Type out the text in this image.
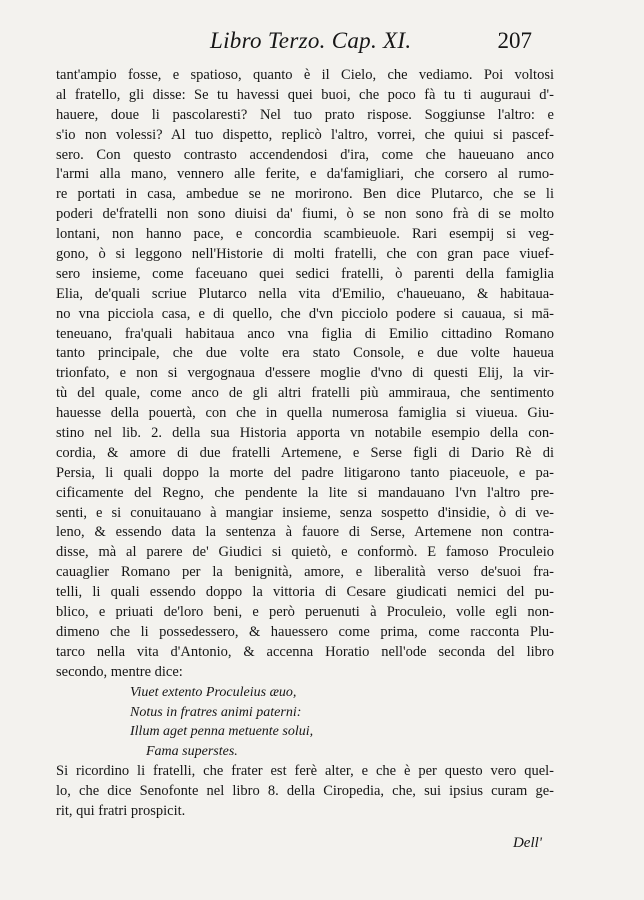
Libro Terzo. Cap. XI.	207
tant'ampio fosse, e spatioso, quanto è il Cielo, che vediamo. Poi voltosi
al fratello, gli disse: Se tu havessi quei buoi, che poco fà tu ti auguraui d'-
hauere, doue li pascolaresti? Nel tuo prato rispose. Soggiunse l'altro: e
s'io non volessi? Al tuo dispetto, replicò l'altro, vorrei, che quiui si pascef-
sero. Con questo contrasto accendendosi d'ira, come che haueuano anco
l'armi alla mano, vennero alle ferite, e da'famigliari, che corsero al rumo-
re portati in casa, ambedue se ne morirono. Ben dice Plutarco, che se li
poderi de'fratelli non sono diuisi da' fiumi, ò se non sono frà di se molto
lontani, non hanno pace, e concordia scambieuole. Rari esempij si veg-
gono, ò si leggono nell'Historie di molti fratelli, che con gran pace viuef-
sero insieme, come faceuano quei sedici fratelli, ò parenti della famiglia
Elia, de'quali scriue Plutarco nella vita d'Emilio, c'haueuano, & habitaua-
no vna picciola casa, e di quello, che d'vn picciolo podere si cauaua, si mā-
teneuano, fra'quali habitaua anco vna figlia di Emilio cittadino Romano
tanto principale, che due volte era stato Console, e due volte haueua
trionfato, e non si vergognaua d'essere moglie d'vno di questi Elij, la vir-
tù del quale, come anco de gli altri fratelli più ammiraua, che sentimento
hauesse della pouertà, con che in quella numerosa famiglia si viueua. Giu-
stino nel lib. 2. della sua Historia apporta vn notabile esempio della con-
cordia, & amore di due fratelli Artemene, e Serse figli di Dario Rè di
Persia, li quali doppo la morte del padre litigarono tanto piaceuole, e pa-
cificamente del Regno, che pendente la lite si mandauano l'vn l'altro pre-
senti, e si conuitauano à mangiar insieme, senza sospetto d'insidie, ò di ve-
leno, & essendo data la sentenza à fauore di Serse, Artemene non contra-
disse, mà al parere de' Giudici si quietò, e conformò. E famoso Proculeio
cauaglier Romano per la benignità, amore, e liberalità verso de'suoi fra-
telli, li quali essendo doppo la vittoria di Cesare giudicati nemici del pu-
blico, e priuati de'loro beni, e però peruenuti à Proculeio, volle egli non-
dimeno che li possedessero, & hauessero come prima, come racconta Plu-
tarco nella vita d'Antonio, & accenna Horatio nell'ode seconda del libro
secondo, mentre dice:
Viuet extento Proculeius æuo,
Notus in fratres animi paterni:
Illum aget penna metuente solui,
Fama superstes.
Si ricordino li fratelli, che frater est ferè alter, e che è per questo vero quel-
lo, che dice Senofonte nel libro 8. della Ciropedia, che, sui ipsius curam ge-
rit, qui fratri prospicit.
Dell'
